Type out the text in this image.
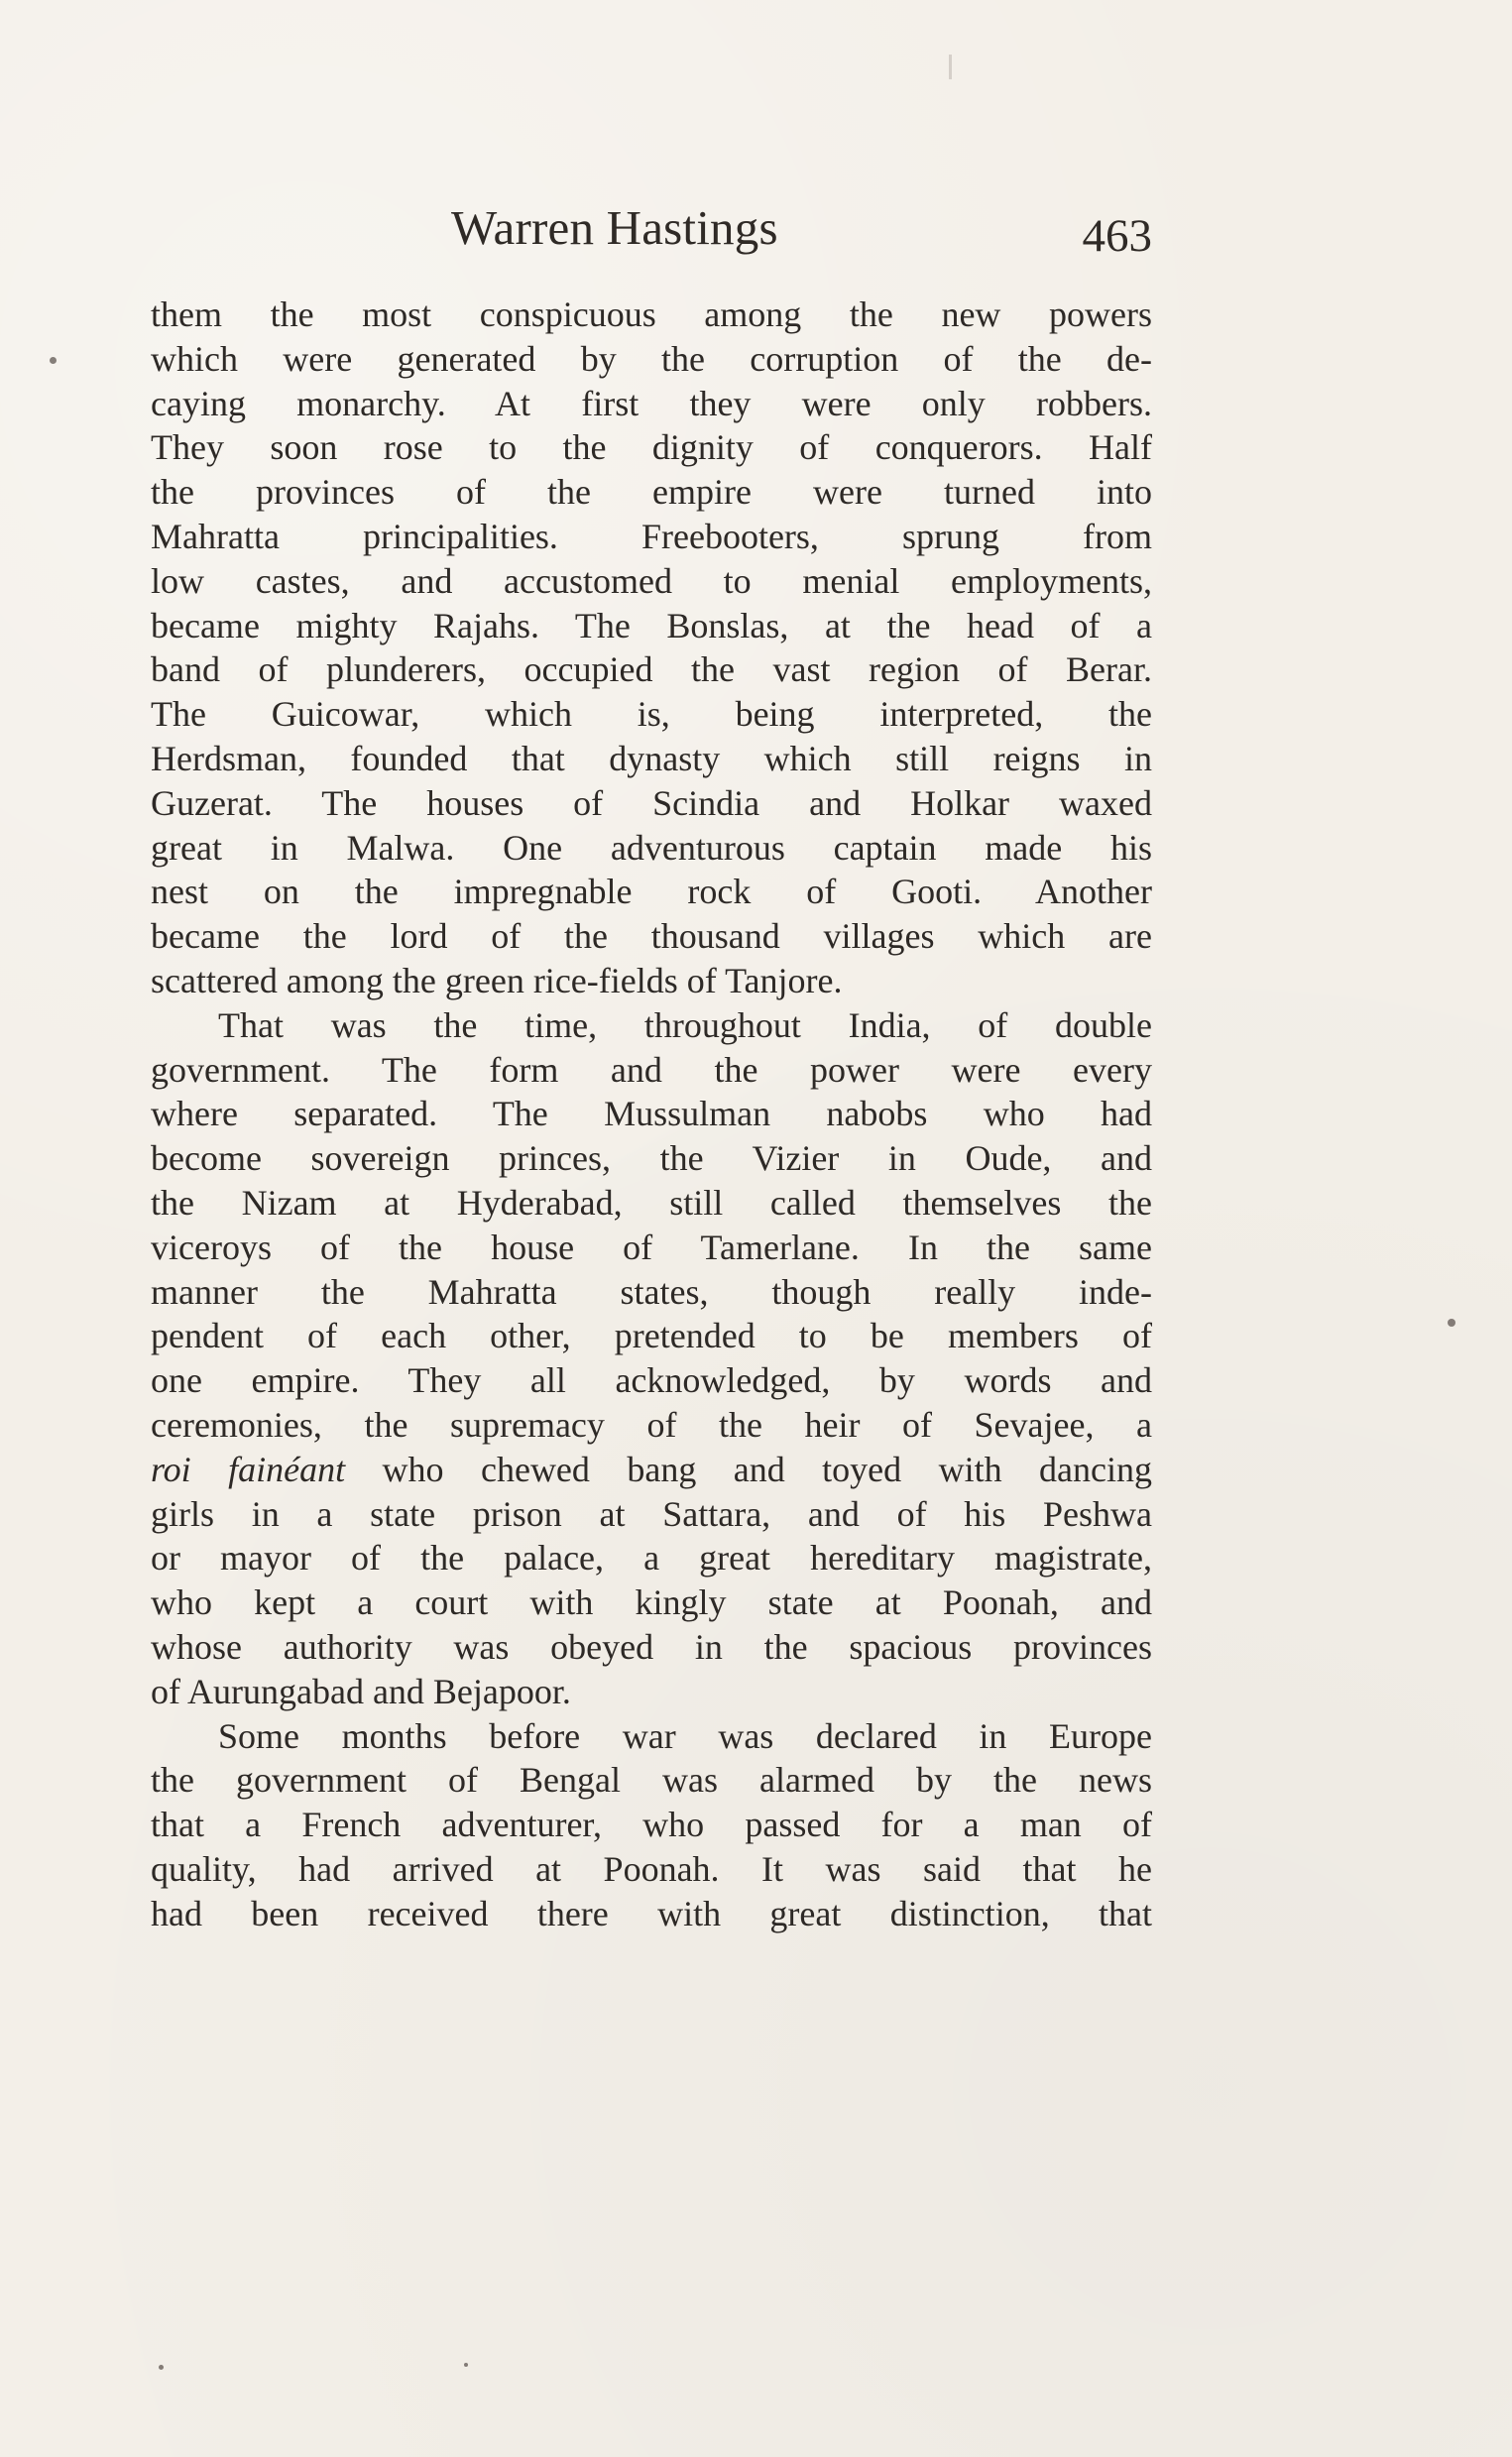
Warren Hastings	463
them the most conspicuous among the new powers
which were generated by the corruption of the de-
caying monarchy. At first they were only robbers.
They soon rose to the dignity of conquerors. Half
the provinces of the empire were turned into
Mahratta principalities. Freebooters, sprung from
low castes, and accustomed to menial employments,
became mighty Rajahs. The Bonslas, at the head of a
band of plunderers, occupied the vast region of Berar.
The Guicowar, which is, being interpreted, the
Herdsman, founded that dynasty which still reigns in
Guzerat. The houses of Scindia and Holkar waxed
great in Malwa. One adventurous captain made his
nest on the impregnable rock of Gooti. Another
became the lord of the thousand villages which are
scattered among the green rice-fields of Tanjore.
That was the time, throughout India, of double
government. The form and the power were every
where separated. The Mussulman nabobs who had
become sovereign princes, the Vizier in Oude, and
the Nizam at Hyderabad, still called themselves the
viceroys of the house of Tamerlane. In the same
manner the Mahratta states, though really inde-
pendent of each other, pretended to be members of
one empire. They all acknowledged, by words and
ceremonies, the supremacy of the heir of Sevajee, a
roi fainéant who chewed bang and toyed with dancing
girls in a state prison at Sattara, and of his Peshwa
or mayor of the palace, a great hereditary magistrate,
who kept a court with kingly state at Poonah, and
whose authority was obeyed in the spacious provinces
of Aurungabad and Bejapoor.
Some months before war was declared in Europe
the government of Bengal was alarmed by the news
that a French adventurer, who passed for a man of
quality, had arrived at Poonah. It was said that he
had been received there with great distinction, that
